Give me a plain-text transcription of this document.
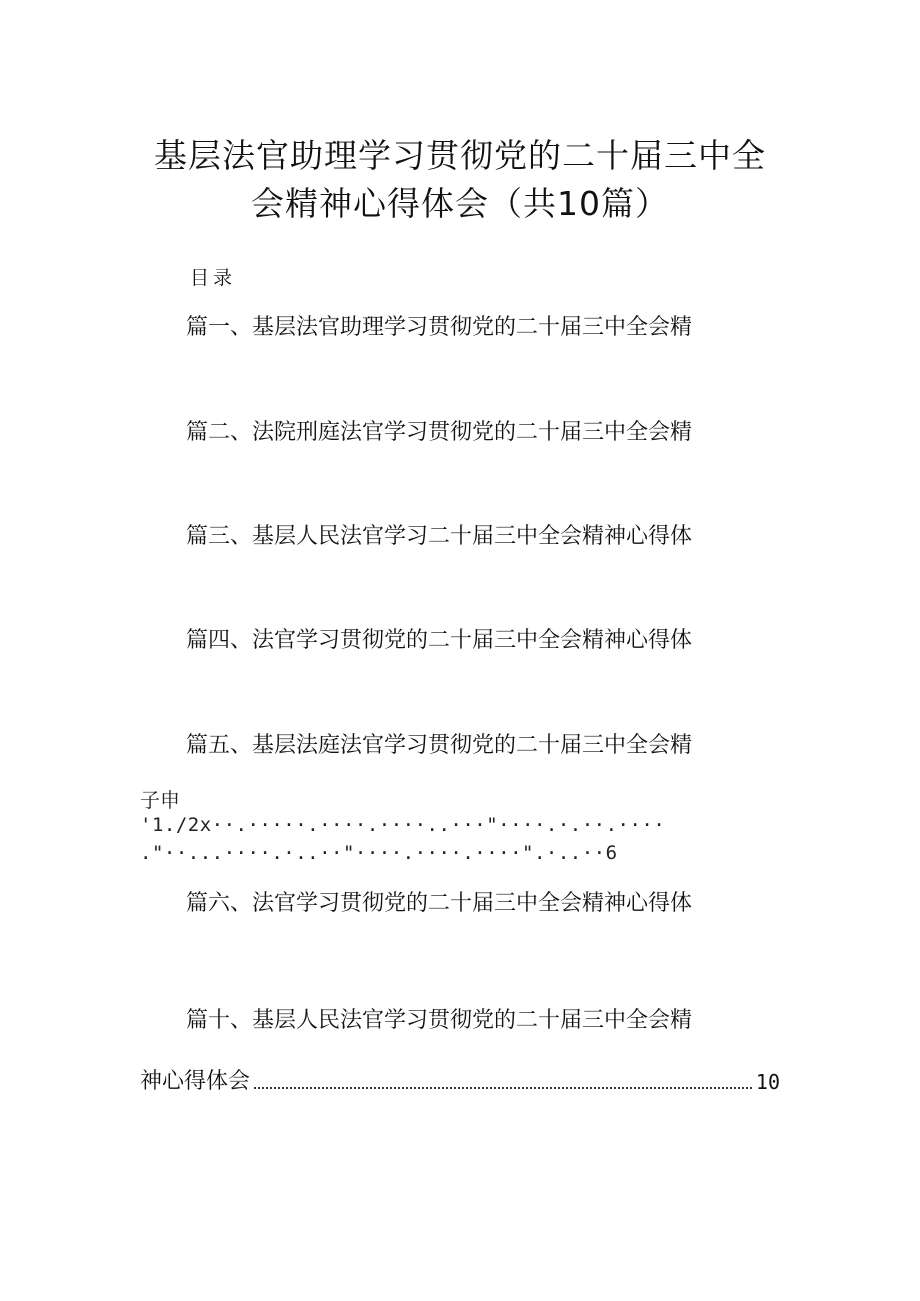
基层法官助理学习贯彻党的二十届三中全
会精神心得体会（共10篇）
目录
篇一、基层法官助理学习贯彻党的二十届三中全会精
篇二、法院刑庭法官学习贯彻党的二十届三中全会精
篇三、基层人民法官学习二十届三中全会精神心得体
篇四、法官学习贯彻党的二十届三中全会精神心得体
篇五、基层法庭法官学习贯彻党的二十届三中全会精
子申
'1./2x··.·····.····.····..···"····.·.··.····
."··...····.·..··"····.····.····".·..··6
篇六、法官学习贯彻党的二十届三中全会精神心得体
篇十、基层人民法官学习贯彻党的二十届三中全会精
神心得体会	10
